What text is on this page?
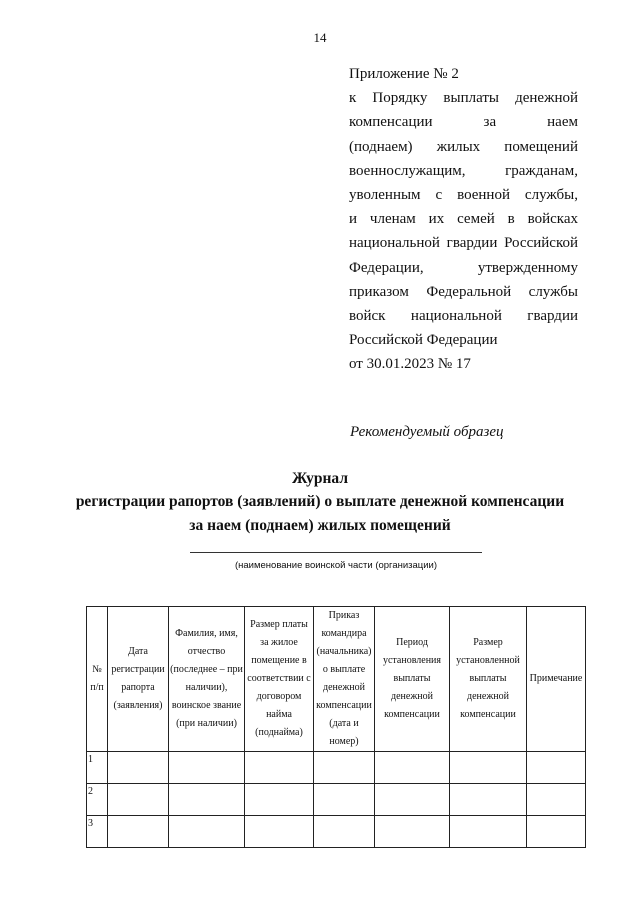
14
Приложение № 2
к Порядку выплаты денежной
компенсации за наем
(поднаем) жилых помещений
военнослужащим, гражданам,
уволенным с военной службы,
и членам их семей в войсках
национальной гвардии Российской
Федерации, утвержденному
приказом Федеральной службы
войск национальной гвардии
Российской Федерации
от 30.01.2023 № 17
Рекомендуемый образец
Журнал
регистрации рапортов (заявлений) о выплате денежной компенсации
за наем (поднаем) жилых помещений
(наименование воинской части (организации)
№ п/п	Дата регистрации рапорта (заявления)	Фамилия, имя, отчество (последнее – при наличии), воинское звание (при наличии)	Размер платы за жилое помещение в соответствии с договором найма (поднайма)	Приказ командира (начальника) о выплате денежной компенсации (дата и номер)	Период установления выплаты денежной компенсации	Размер установленной выплаты денежной компенсации	Примечание
1							
2							
3							
